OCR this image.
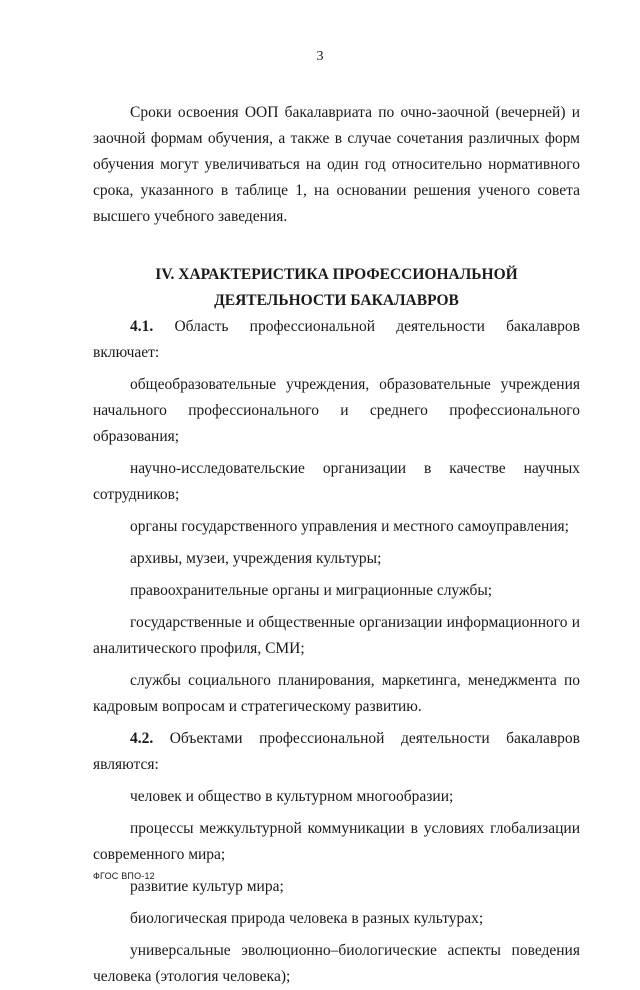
3

Сроки освоения ООП бакалавриата по очно-заочной (вечерней) и заочной формам обучения, а также в случае сочетания различных форм обучения могут увеличиваться на один год относительно нормативного срока, указанного в таблице 1, на основании решения ученого совета высшего учебного заведения.

IV. ХАРАКТЕРИСТИКА ПРОФЕССИОНАЛЬНОЙ
ДЕЯТЕЛЬНОСТИ БАКАЛАВРОВ

4.1. Область профессиональной деятельности бакалавров включает:

общеобразовательные учреждения, образовательные учреждения начального профессионального и среднего профессионального образования;

научно-исследовательские организации в качестве научных сотрудников;

органы государственного управления и местного самоуправления;

архивы, музеи, учреждения культуры;

правоохранительные органы и миграционные службы;

государственные и общественные организации информационного и аналитического профиля, СМИ;

службы социального планирования, маркетинга, менеджмента по кадровым вопросам и стратегическому развитию.

4.2. Объектами профессиональной деятельности бакалавров являются:

человек и общество в культурном многообразии;

процессы межкультурной коммуникации в условиях глобализации современного мира;

развитие культур мира;

биологическая природа человека в разных культурах;

универсальные эволюционно–биологические аспекты поведения человека (этология человека);

ФГОС ВПО-12
